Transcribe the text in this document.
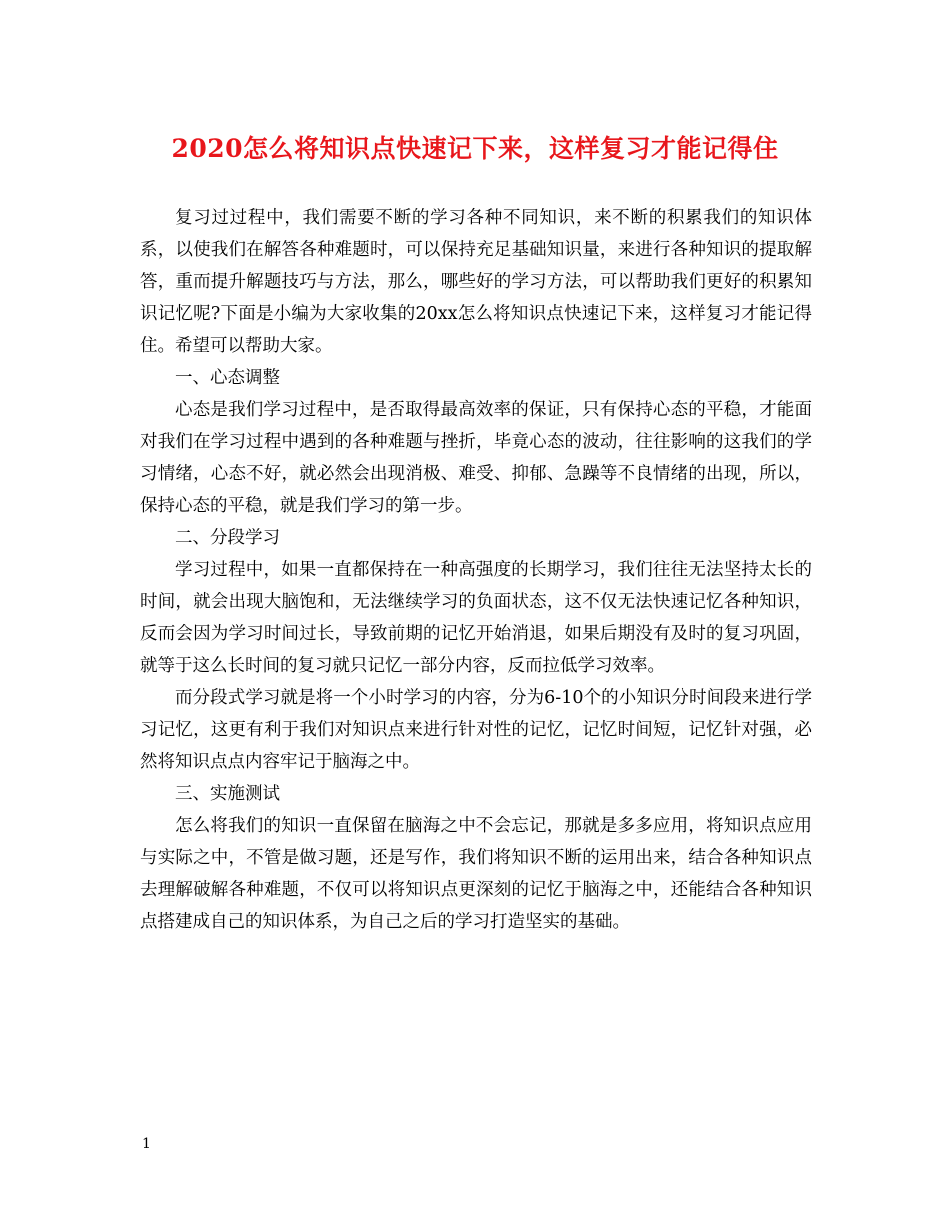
2020怎么将知识点快速记下来，这样复习才能记得住

复习过过程中，我们需要不断的学习各种不同知识，来不断的积累我们的知识体系，以使我们在解答各种难题时，可以保持充足基础知识量，来进行各种知识的提取解答，重而提升解题技巧与方法，那么，哪些好的学习方法，可以帮助我们更好的积累知识记忆呢?下面是小编为大家收集的20xx怎么将知识点快速记下来，这样复习才能记得住。希望可以帮助大家。

一、心态调整

心态是我们学习过程中，是否取得最高效率的保证，只有保持心态的平稳，才能面对我们在学习过程中遇到的各种难题与挫折，毕竟心态的波动，往往影响的这我们的学习情绪，心态不好，就必然会出现消极、难受、抑郁、急躁等不良情绪的出现，所以，保持心态的平稳，就是我们学习的第一步。

二、分段学习

学习过程中，如果一直都保持在一种高强度的长期学习，我们往往无法坚持太长的时间，就会出现大脑饱和，无法继续学习的负面状态，这不仅无法快速记忆各种知识，反而会因为学习时间过长，导致前期的记忆开始消退，如果后期没有及时的复习巩固，就等于这么长时间的复习就只记忆一部分内容，反而拉低学习效率。

而分段式学习就是将一个小时学习的内容，分为6-10个的小知识分时间段来进行学习记忆，这更有利于我们对知识点来进行针对性的记忆，记忆时间短，记忆针对强，必然将知识点点内容牢记于脑海之中。

三、实施测试

怎么将我们的知识一直保留在脑海之中不会忘记，那就是多多应用，将知识点应用与实际之中，不管是做习题，还是写作，我们将知识不断的运用出来，结合各种知识点去理解破解各种难题，不仅可以将知识点更深刻的记忆于脑海之中，还能结合各种知识点搭建成自己的知识体系，为自己之后的学习打造坚实的基础。

1
